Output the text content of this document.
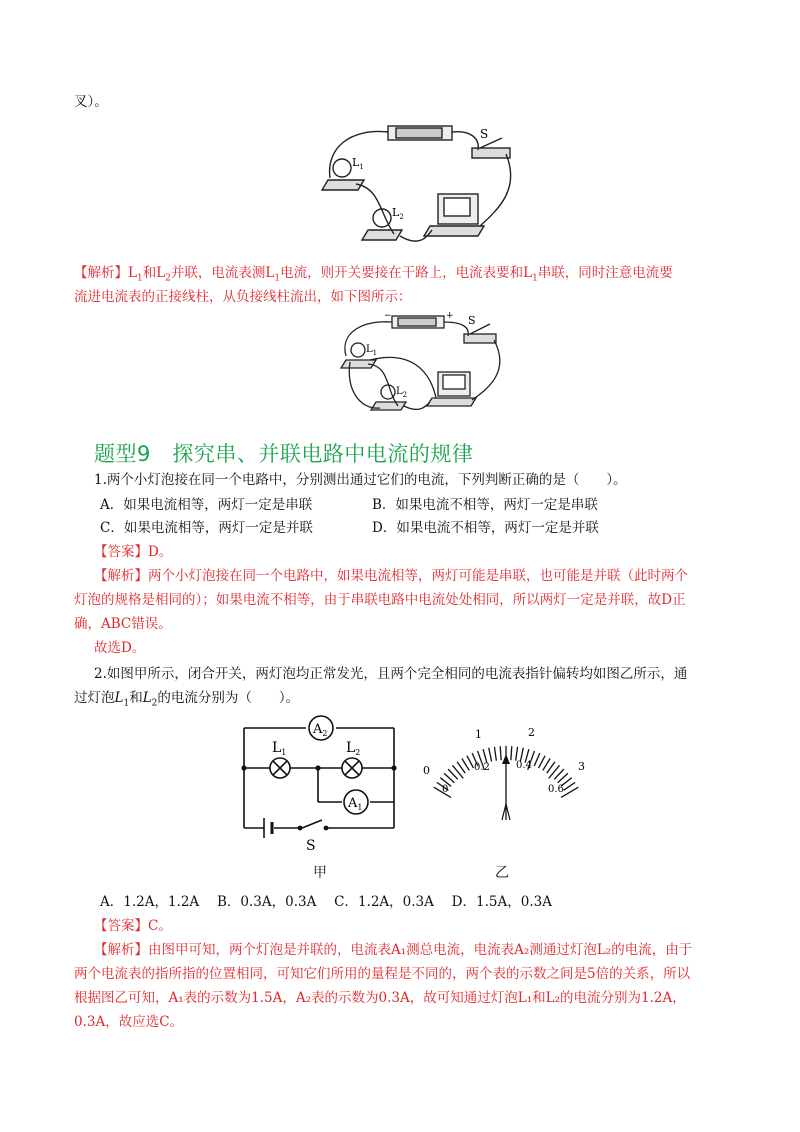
叉）。
S
$L_1$
$L_2$
【解析】$L_1$和$L_2$并联，电流表测$L_1$电流，则开关要接在干路上，电流表要和$L_1$串联，同时注意电流要
流进电流表的正接线柱，从负接线柱流出，如下图所示：
−	+ S
$L_1$
$L_2$
题型9　探究串、并联电路中电流的规律
1.两个小灯泡接在同一个电路中，分别测出通过它们的电流，下列判断正确的是（　　）。
A．如果电流相等，两灯一定是串联	B．如果电流不相等，两灯一定是串联
C．如果电流相等，两灯一定是并联	D．如果电流不相等，两灯一定是并联
【答案】D。
【解析】两个小灯泡接在同一个电路中，如果电流相等，两灯可能是串联，也可能是并联（此时两个
灯泡的规格是相同的）；如果电流不相等，由于串联电路中电流处处相同，所以两灯一定是并联，故D正
确，ABC错误。
故选D。
2.如图甲所示，闭合开关，两灯泡均正常发光，且两个完全相同的电流表指针偏转均如图乙所示，通
过灯泡$L_1$和$L_2$的电流分别为（　　）。
$A_2$
$A_1$
$L_1$	$L_2$
S
甲
0
1	2
3
0
0.2	0.4
0.6
乙
A．1.2A，1.2A　 B．0.3A，0.3A　 C．1.2A，0.3A　 D．1.5A，0.3A
【答案】C。
【解析】由图甲可知，两个灯泡是并联的，电流表A₁测总电流，电流表A₂测通过灯泡L₂的电流，由于
两个电流表的指所指的位置相同，可知它们所用的量程是不同的，两个表的示数之间是5倍的关系，所以
根据图乙可知，A₁表的示数为1.5A，A₂表的示数为0.3A，故可知通过灯泡L₁和L₂的电流分别为1.2A，
0.3A，故应选C。
